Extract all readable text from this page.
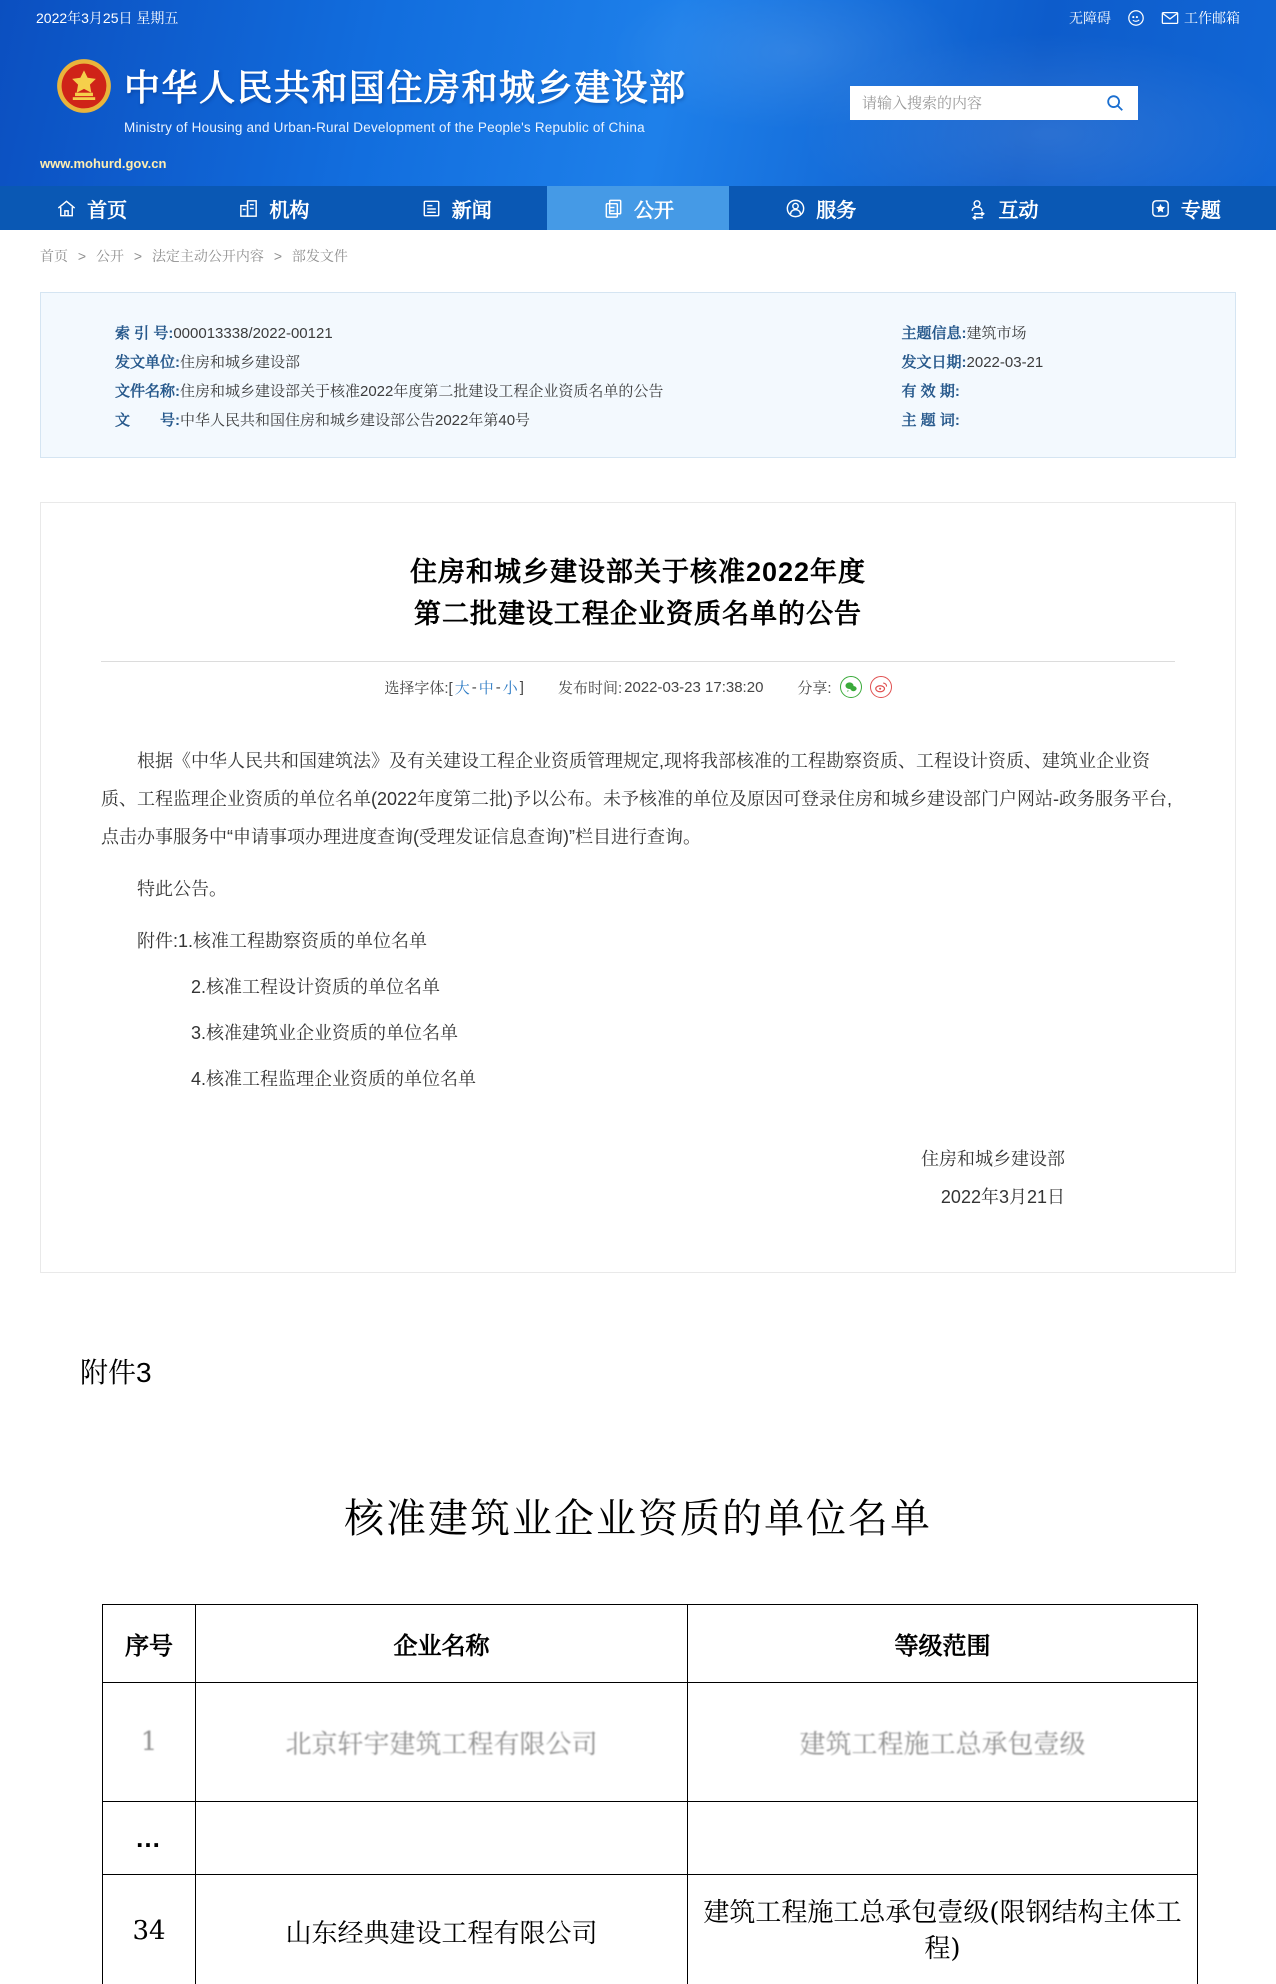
2022年3月25日 星期五	无障碍	工作邮箱
中华人民共和国住房和城乡建设部
Ministry of Housing and Urban-Rural Development of the People's Republic of China
www.mohurd.gov.cn
请输入搜索的内容
首页	机构	新闻	公开	服务	互动	专题
首页 > 公开 > 法定主动公开内容 > 部发文件
索 引 号:000013338/2022-00121
发文单位:住房和城乡建设部
文件名称:住房和城乡建设部关于核准2022年度第二批建设工程企业资质名单的公告
文　　号:中华人民共和国住房和城乡建设部公告2022年第40号
主题信息:建筑市场
发文日期:2022-03-21
有 效 期:
主 题 词:
住房和城乡建设部关于核准2022年度
第二批建设工程企业资质名单的公告
选择字体:[ 大 - 中 - 小 ] 发布时间: 2022-03-23 17:38:20 分享:

根据《中华人民共和国建筑法》及有关建设工程企业资质管理规定,现将我部核准的工程勘察资质、工程设计资质、建筑业企业资质、工程监理企业资质的单位名单(2022年度第二批)予以公布。未予核准的单位及原因可登录住房和城乡建设部门户网站-政务服务平台,点击办事服务中“申请事项办理进度查询(受理发证信息查询)”栏目进行查询。

特此公告。

附件:1.核准工程勘察资质的单位名单

2.核准工程设计资质的单位名单

3.核准建筑业企业资质的单位名单

4.核准工程监理企业资质的单位名单

住房和城乡建设部
2022年3月21日
附件3
核准建筑业企业资质的单位名单
序号	企业名称	等级范围
1	北京轩宇建筑工程有限公司	建筑工程施工总承包壹级
…		
34	山东经典建设工程有限公司	建筑工程施工总承包壹级(限钢结构主体工程)
